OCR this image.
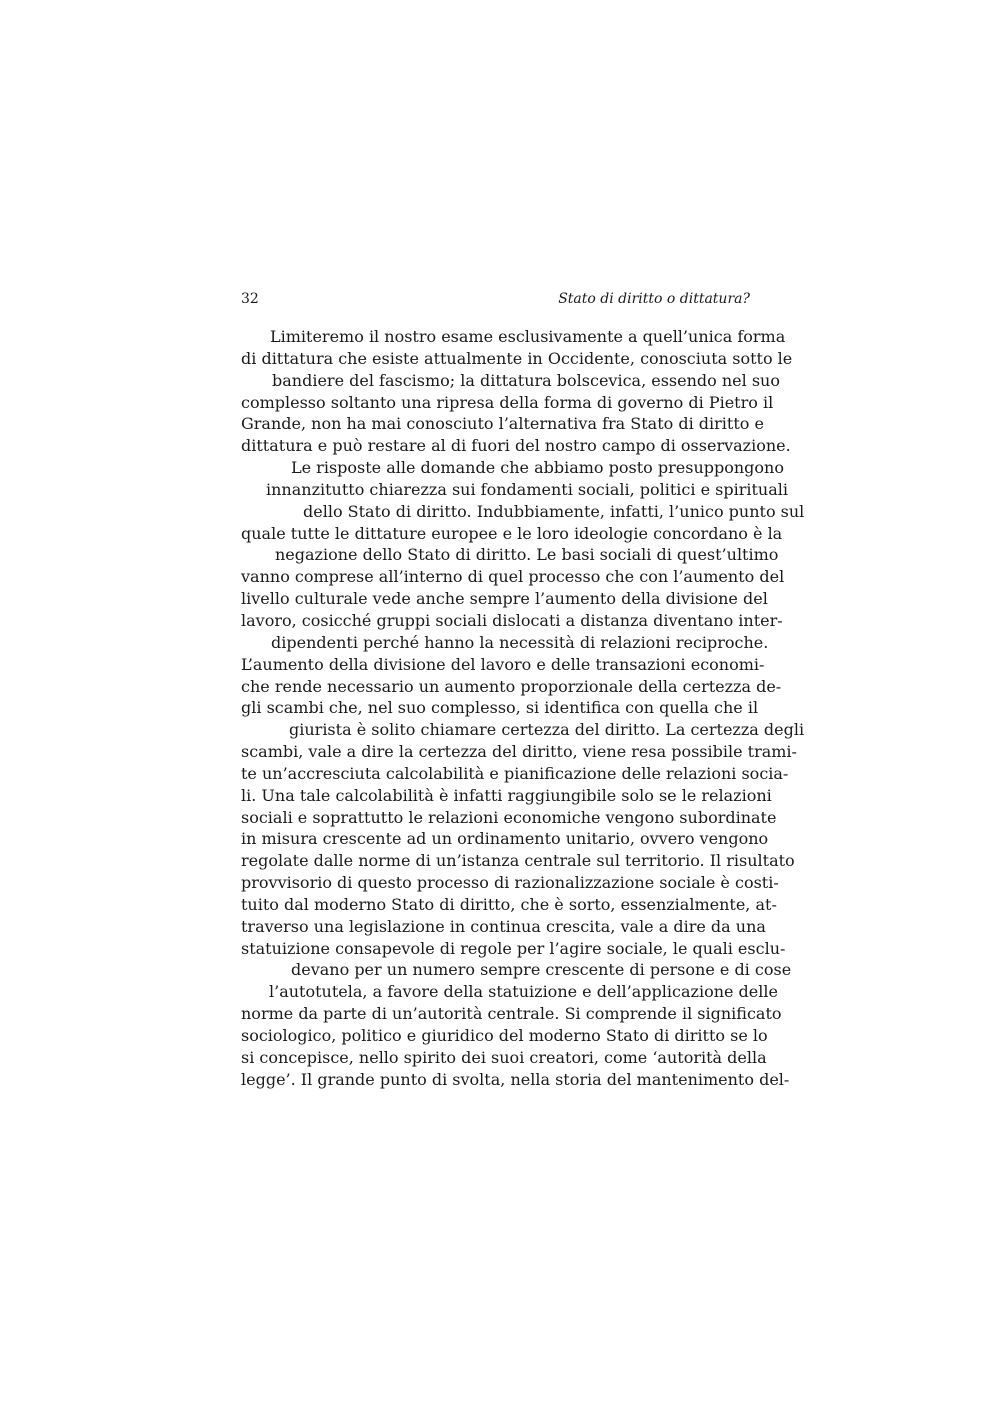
32	Stato di diritto o dittatura?
Limiteremo il nostro esame esclusivamente a quell’unica forma
di dittatura che esiste attualmente in Occidente, conosciuta sotto le
bandiere del fascismo; la dittatura bolscevica, essendo nel suo
complesso soltanto una ripresa della forma di governo di Pietro il
Grande, non ha mai conosciuto l’alternativa fra Stato di diritto e
dittatura e può restare al di fuori del nostro campo di osservazione.
Le risposte alle domande che abbiamo posto presuppongono
innanzitutto chiarezza sui fondamenti sociali, politici e spirituali
dello Stato di diritto. Indubbiamente, infatti, l’unico punto sul
quale tutte le dittature europee e le loro ideologie concordano è la
negazione dello Stato di diritto. Le basi sociali di quest’ultimo
vanno comprese all’interno di quel processo che con l’aumento del
livello culturale vede anche sempre l’aumento della divisione del
lavoro, cosicché gruppi sociali dislocati a distanza diventano inter-
dipendenti perché hanno la necessità di relazioni reciproche.
L’aumento della divisione del lavoro e delle transazioni economi-
che rende necessario un aumento proporzionale della certezza de-
gli scambi che, nel suo complesso, si identifica con quella che il
giurista è solito chiamare certezza del diritto. La certezza degli
scambi, vale a dire la certezza del diritto, viene resa possibile trami-
te un’accresciuta calcolabilità e pianificazione delle relazioni socia-
li. Una tale calcolabilità è infatti raggiungibile solo se le relazioni
sociali e soprattutto le relazioni economiche vengono subordinate
in misura crescente ad un ordinamento unitario, ovvero vengono
regolate dalle norme di un’istanza centrale sul territorio. Il risultato
provvisorio di questo processo di razionalizzazione sociale è costi-
tuito dal moderno Stato di diritto, che è sorto, essenzialmente, at-
traverso una legislazione in continua crescita, vale a dire da una
statuizione consapevole di regole per l’agire sociale, le quali esclu-
devano per un numero sempre crescente di persone e di cose
l’autotutela, a favore della statuizione e dell’applicazione delle
norme da parte di un’autorità centrale. Si comprende il significato
sociologico, politico e giuridico del moderno Stato di diritto se lo
si concepisce, nello spirito dei suoi creatori, come ‘autorità della
legge’. Il grande punto di svolta, nella storia del mantenimento del-
